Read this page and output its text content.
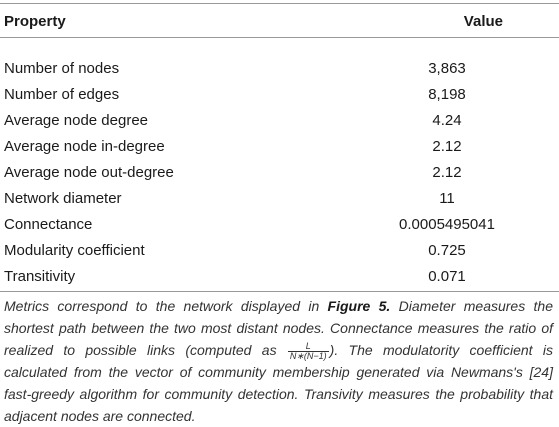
Property	Value
Number of nodes	3,863
Number of edges	8,198
Average node degree	4.24
Average node in-degree	2.12
Average node out-degree	2.12
Network diameter	11
Connectance	0.0005495041
Modularity coefficient	0.725
Transitivity	0.071
Metrics correspond to the network displayed in Figure 5. Diameter measures the shortest path between the two most distant nodes. Connectance measures the ratio of realized to possible links (computed as $\frac{L}{N∗(N-1)}$ ). The modulatority coefficient is calculated from the vector of community membership generated via Newmans's [24] fast-greedy algorithm for community detection. Transivity measures the probability that adjacent nodes are connected.
